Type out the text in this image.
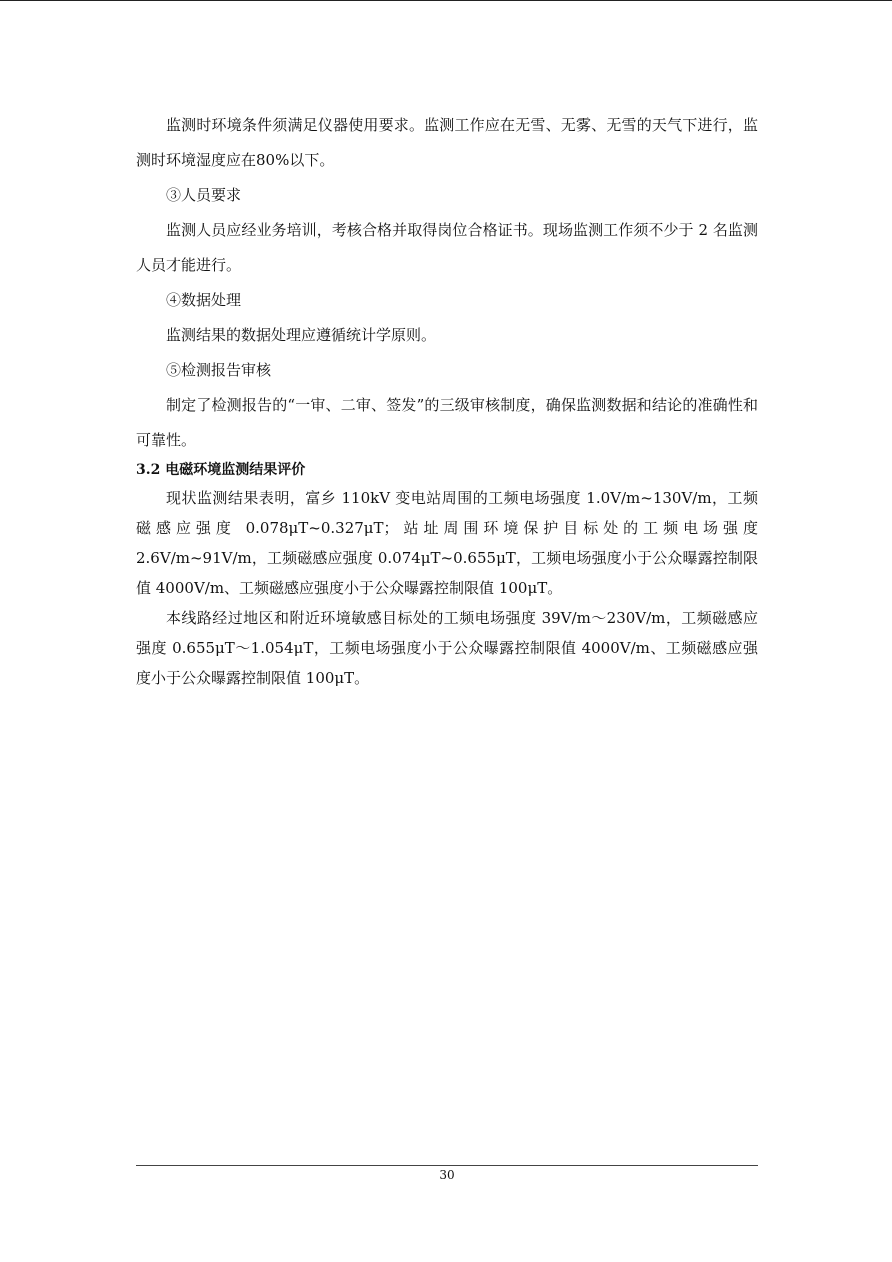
监测时环境条件须满足仪器使用要求。监测工作应在无雪、无雾、无雪的天气下进行，监测时环境湿度应在80%以下。

③人员要求

监测人员应经业务培训，考核合格并取得岗位合格证书。现场监测工作须不少于 2 名监测人员才能进行。

④数据处理

监测结果的数据处理应遵循统计学原则。

⑤检测报告审核

制定了检测报告的“一审、二审、签发”的三级审核制度，确保监测数据和结论的准确性和可靠性。

3.2 电磁环境监测结果评价

现状监测结果表明，富乡 110kV 变电站周围的工频电场强度 1.0V/m~130V/m，工频磁感应强度 0.078μT~0.327μT；站址周围环境保护目标处的工频电场强度 2.6V/m~91V/m，工频磁感应强度 0.074μT~0.655μT，工频电场强度小于公众曝露控制限值 4000V/m、工频磁感应强度小于公众曝露控制限值 100μT。

本线路经过地区和附近环境敏感目标处的工频电场强度 39V/m～230V/m，工频磁感应强度 0.655μT～1.054μT，工频电场强度小于公众曝露控制限值 4000V/m、工频磁感应强度小于公众曝露控制限值 100μT。

30
